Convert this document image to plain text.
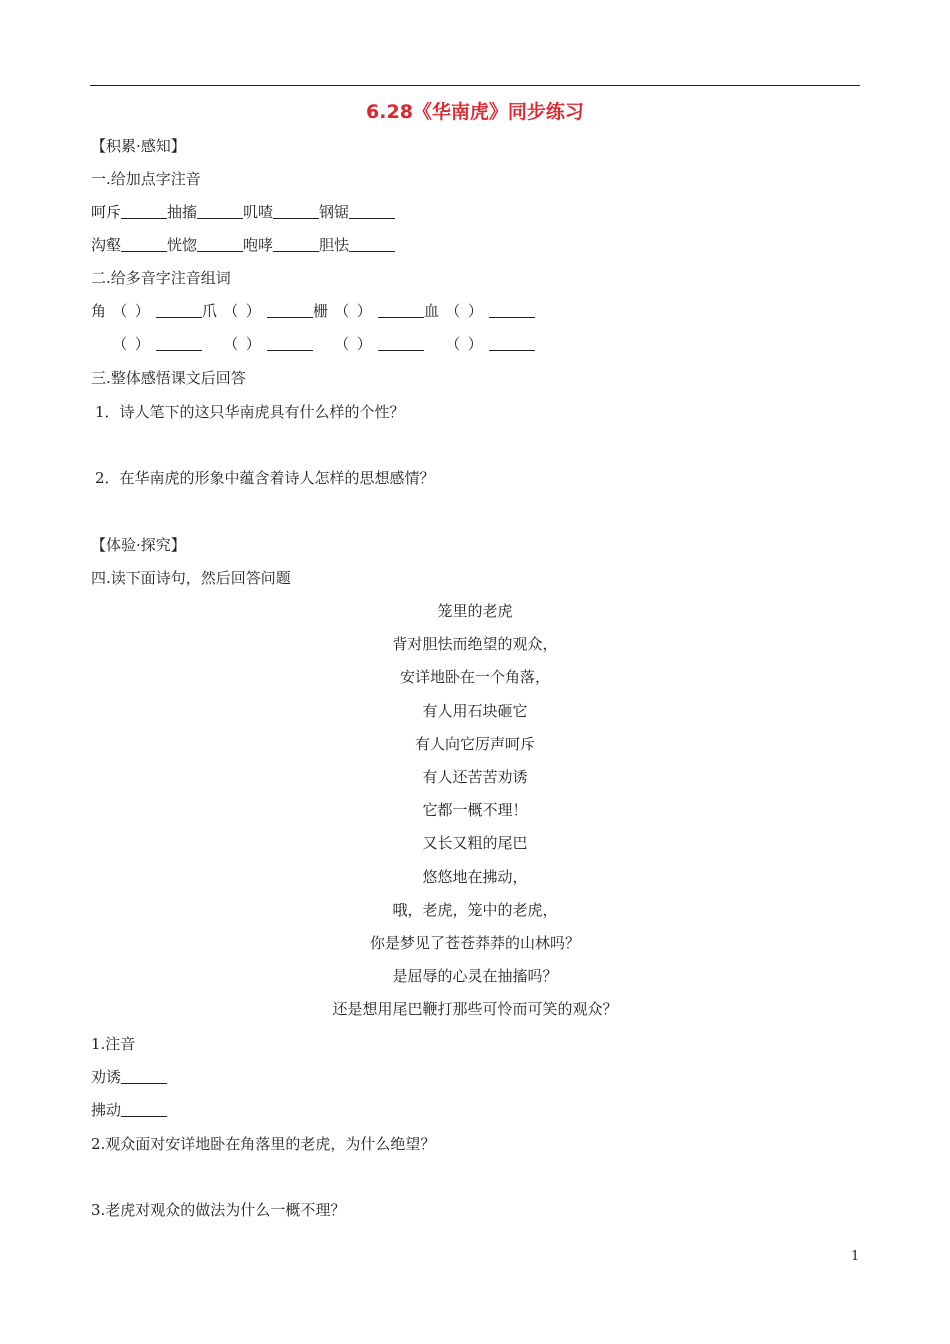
6.28《华南虎》同步练习
【积累·感知】
一.给加点字注音
呵斥	抽搐	叽喳	钢锯
沟壑	恍惚	咆哮	胆怯
二.给多音字注音组词
角 （  ）	爪 （  ）	栅 （  ）	血 （  ）
（  ）	（  ）	（  ）	（  ）
三.整体感悟课文后回答
1．诗人笔下的这只华南虎具有什么样的个性？
2．在华南虎的形象中蕴含着诗人怎样的思想感情？
【体验·探究】
四.读下面诗句，然后回答问题
笼里的老虎
背对胆怯而绝望的观众，
安详地卧在一个角落，
有人用石块砸它
有人向它厉声呵斥
有人还苦苦劝诱
它都一概不理！
又长又粗的尾巴
悠悠地在拂动，
哦，老虎，笼中的老虎，
你是梦见了苍苍莽莽的山林吗？
是屈辱的心灵在抽搐吗？
还是想用尾巴鞭打那些可怜而可笑的观众？
1.注音
劝诱
拂动
2.观众面对安详地卧在角落里的老虎，为什么绝望？
3.老虎对观众的做法为什么一概不理？
1
